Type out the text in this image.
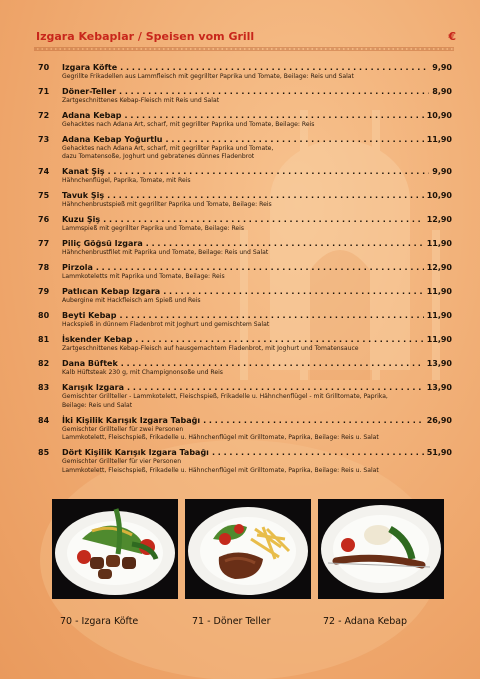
Izgara Kebaplar / Speisen vom Grill	€
70	Izgara Köfte . . .	9,90
Gegrillte Frikadellen aus Lammfleisch mit gegrillter Paprika und Tomate, Beilage: Reis und Salat
71	Döner-Teller . . .	8,90
Zartgeschnittenes Kebap-Fleisch mit Reis und Salat
72	Adana Kebap . . .	10,90
Gehacktes nach Adana Art, scharf, mit gegrillter Paprika und Tomate, Beilage: Reis
73	Adana Kebap Yoğurtlu . . .	11,90
Gehacktes nach Adana Art, scharf, mit gegrillter Paprika und Tomate,
dazu Tomatensoße, Joghurt und gebratenes dünnes Fladenbrot
74	Kanat Şiş . . .	9,90
Hähnchenflügel, Paprika, Tomate, mit Reis
75	Tavuk Şiş . . .	10,90
Hähnchenbrustspieß mit gegrillter Paprika und Tomate, Beilage: Reis
76	Kuzu Şiş . . .	12,90
Lammspieß mit gegrillter Paprika und Tomate, Beilage: Reis
77	Piliç Göğsü Izgara . . .	11,90
Hähnchenbrustfilet mit Paprika und Tomate, Beilage: Reis und Salat
78	Pirzola . . .	12,90
Lammkoteletts mit Paprika und Tomate, Beilage: Reis
79	Patlıcan Kebap Izgara . . .	11,90
Aubergine mit Hackfleisch am Spieß und Reis
80	Beyti Kebap . . .	11,90
Hackspieß in dünnem Fladenbrot mit Joghurt und gemischtem Salat
81	İskender Kebap . . .	11,90
Zartgeschnittenes Kebap-Fleisch auf hausgemachtem Fladenbrot, mit Joghurt und Tomatensauce
82	Dana Büftek . . .	13,90
Kalb Hüftsteak 230 g, mit Champignonsoße und Reis
83	Karışık Izgara . . .	13,90
Gemischter Grillteller - Lammkotelett, Fleischspieß, Frikadelle u. Hähnchenflügel - mit Grilltomate, Paprika,
Beilage: Reis und Salat
84	İki Kişilik Karışık Izgara Tabağı . . .	26,90
Gemischter Grillteller für zwei Personen
Lammkotelett, Fleischspieß, Frikadelle u. Hähnchenflügel mit Grilltomate, Paprika, Beilage: Reis u. Salat
85	Dört Kişilik Karışık Izgara Tabağı . . .	51,90
Gemischter Grillteller für vier Personen
Lammkotelett, Fleischspieß, Frikadelle u. Hähnchenflügel mit Grilltomate, Paprika, Beilage: Reis u. Salat
70 - Izgara Köfte	71 - Döner Teller	72 - Adana Kebap
